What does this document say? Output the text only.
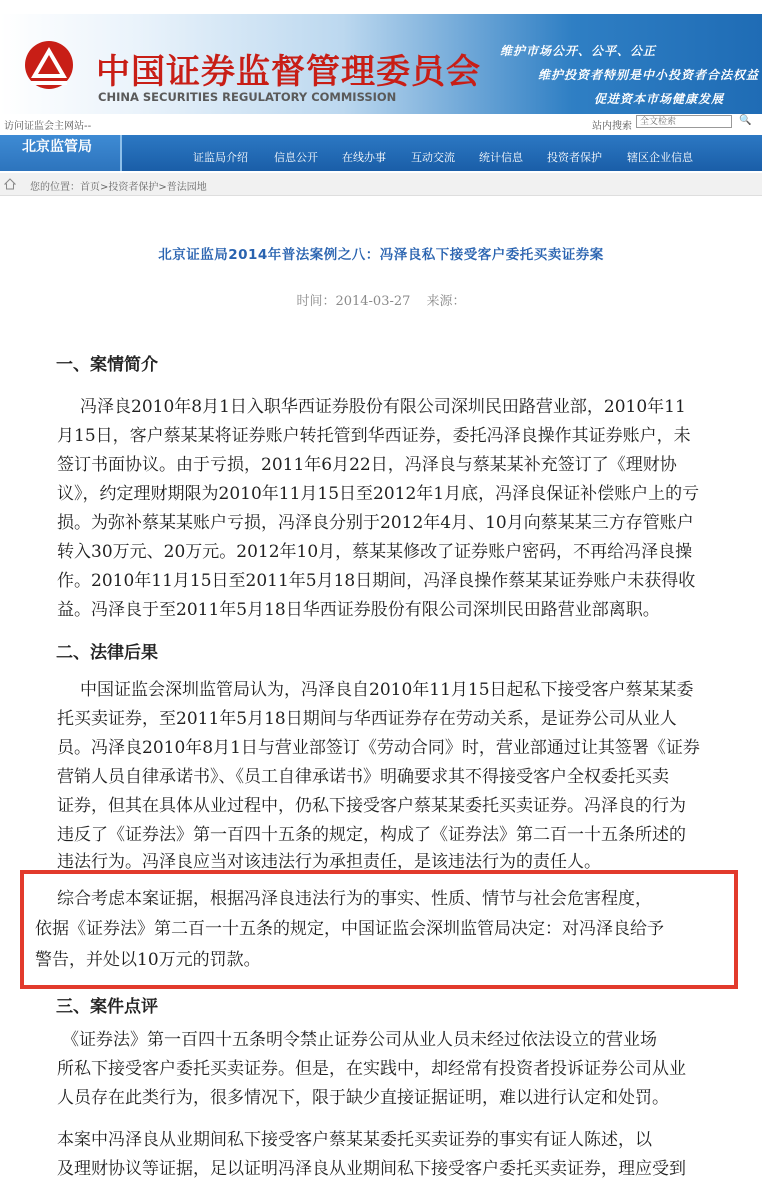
中国证券监督管理委员会
CHINA SECURITIES REGULATORY COMMISSION
维护市场公开、公平、公正
维护投资者特别是中小投资者合法权益
促进资本市场健康发展
访问证监会主网站--	站内搜索
全文检索
🔍
北京监管局
证监局介绍 信息公开 在线办事 互动交流 统计信息 投资者保护 辖区企业信息
您的位置：首页>投资者保护>普法园地
北京证监局2014年普法案例之八：冯泽良私下接受客户委托买卖证券案
时间：2014-03-27 来源：
一、案情简介
冯泽良2010年8月1日入职华西证券股份有限公司深圳民田路营业部，2010年11
月15日，客户蔡某某将证券账户转托管到华西证券，委托冯泽良操作其证券账户，未
签订书面协议。由于亏损，2011年6月22日，冯泽良与蔡某某补充签订了《理财协
议》，约定理财期限为2010年11月15日至2012年1月底，冯泽良保证补偿账户上的亏
损。为弥补蔡某某账户亏损，冯泽良分别于2012年4月、10月向蔡某某三方存管账户
转入30万元、20万元。2012年10月，蔡某某修改了证券账户密码，不再给冯泽良操
作。2010年11月15日至2011年5月18日期间，冯泽良操作蔡某某证券账户未获得收
益。冯泽良于至2011年5月18日华西证券股份有限公司深圳民田路营业部离职。
二、法律后果
中国证监会深圳监管局认为，冯泽良自2010年11月15日起私下接受客户蔡某某委
托买卖证券，至2011年5月18日期间与华西证券存在劳动关系，是证券公司从业人
员。冯泽良2010年8月1日与营业部签订《劳动合同》时，营业部通过让其签署《证券
营销人员自律承诺书》、《员工自律承诺书》明确要求其不得接受客户全权委托买卖
证券，但其在具体从业过程中，仍私下接受客户蔡某某委托买卖证券。冯泽良的行为
违反了《证券法》第一百四十五条的规定，构成了《证券法》第二百一十五条所述的
违法行为。冯泽良应当对该违法行为承担责任，是该违法行为的责任人。
综合考虑本案证据，根据冯泽良违法行为的事实、性质、情节与社会危害程度，
依据《证券法》第二百一十五条的规定，中国证监会深圳监管局决定：对冯泽良给予
警告，并处以10万元的罚款。
三、案件点评
《证券法》第一百四十五条明令禁止证券公司从业人员未经过依法设立的营业场
所私下接受客户委托买卖证券。但是，在实践中，却经常有投资者投诉证券公司从业
人员存在此类行为，很多情况下，限于缺少直接证据证明，难以进行认定和处罚。
本案中冯泽良从业期间私下接受客户蔡某某委托买卖证券的事实有证人陈述，以
及理财协议等证据，足以证明冯泽良从业期间私下接受客户委托买卖证券，理应受到
